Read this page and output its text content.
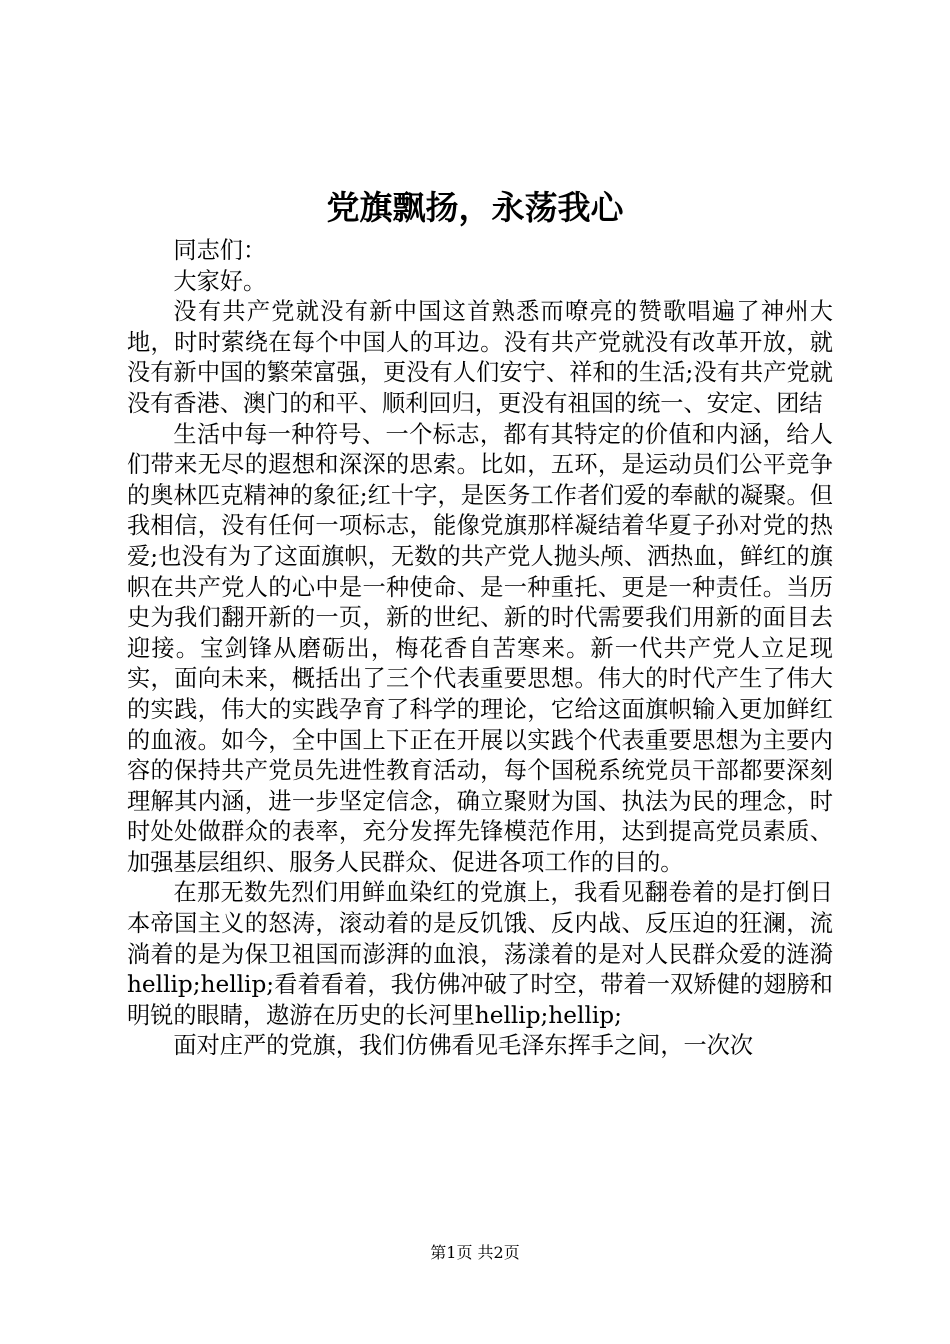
党旗飘扬，永荡我心

同志们：

大家好。

没有共产党就没有新中国这首熟悉而嘹亮的赞歌唱遍了神州大地，时时萦绕在每个中国人的耳边。没有共产党就没有改革开放，就没有新中国的繁荣富强，更没有人们安宁、祥和的生活;没有共产党就没有香港、澳门的和平、顺利回归，更没有祖国的统一、安定、团结

生活中每一种符号、一个标志，都有其特定的价值和内涵，给人们带来无尽的遐想和深深的思索。比如，五环，是运动员们公平竞争的奥林匹克精神的象征;红十字，是医务工作者们爱的奉献的凝聚。但我相信，没有任何一项标志，能像党旗那样凝结着华夏子孙对党的热爱;也没有为了这面旗帜，无数的共产党人抛头颅、洒热血，鲜红的旗帜在共产党人的心中是一种使命、是一种重托、更是一种责任。当历史为我们翻开新的一页，新的世纪、新的时代需要我们用新的面目去迎接。宝剑锋从磨砺出，梅花香自苦寒来。新一代共产党人立足现实，面向未来，概括出了三个代表重要思想。伟大的时代产生了伟大的实践，伟大的实践孕育了科学的理论，它给这面旗帜输入更加鲜红的血液。如今，全中国上下正在开展以实践个代表重要思想为主要内容的保持共产党员先进性教育活动，每个国税系统党员干部都要深刻理解其内涵，进一步坚定信念，确立聚财为国、执法为民的理念，时时处处做群众的表率，充分发挥先锋模范作用，达到提高党员素质、加强基层组织、服务人民群众、促进各项工作的目的。

在那无数先烈们用鲜血染红的党旗上，我看见翻卷着的是打倒日本帝国主义的怒涛，滚动着的是反饥饿、反内战、反压迫的狂澜，流淌着的是为保卫祖国而澎湃的血浪，荡漾着的是对人民群众爱的涟漪hellip;hellip;看着看着，我仿佛冲破了时空，带着一双矫健的翅膀和明锐的眼睛，遨游在历史的长河里hellip;hellip;

面对庄严的党旗，我们仿佛看见毛泽东挥手之间，一次次

第1页 共2页
